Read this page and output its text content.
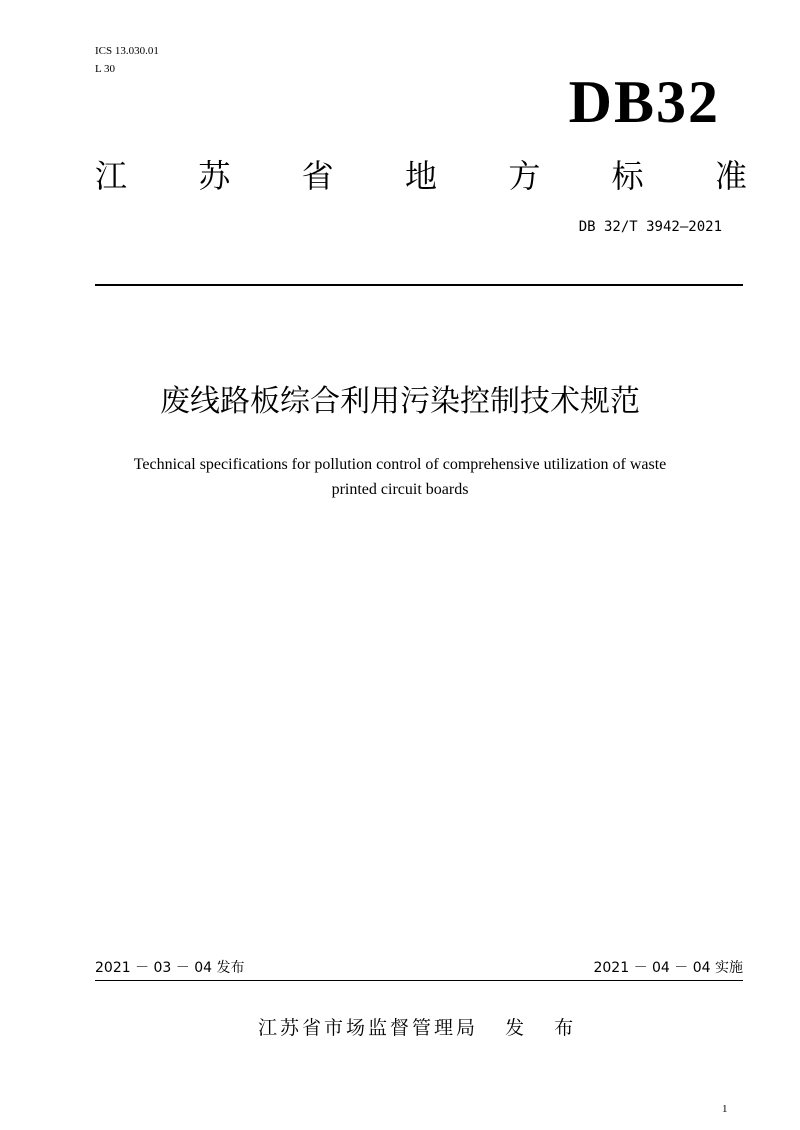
ICS 13.030.01
L 30	DB32
江 苏 省 地 方 标 准
DB 32/T 3942—2021
废线路板综合利用污染控制技术规范
Technical specifications for pollution control of comprehensive utilization of waste
printed circuit boards
2021 － 03 － 04 发布	2021 － 04 － 04 实施
江苏省市场监督管理局   发   布
1
